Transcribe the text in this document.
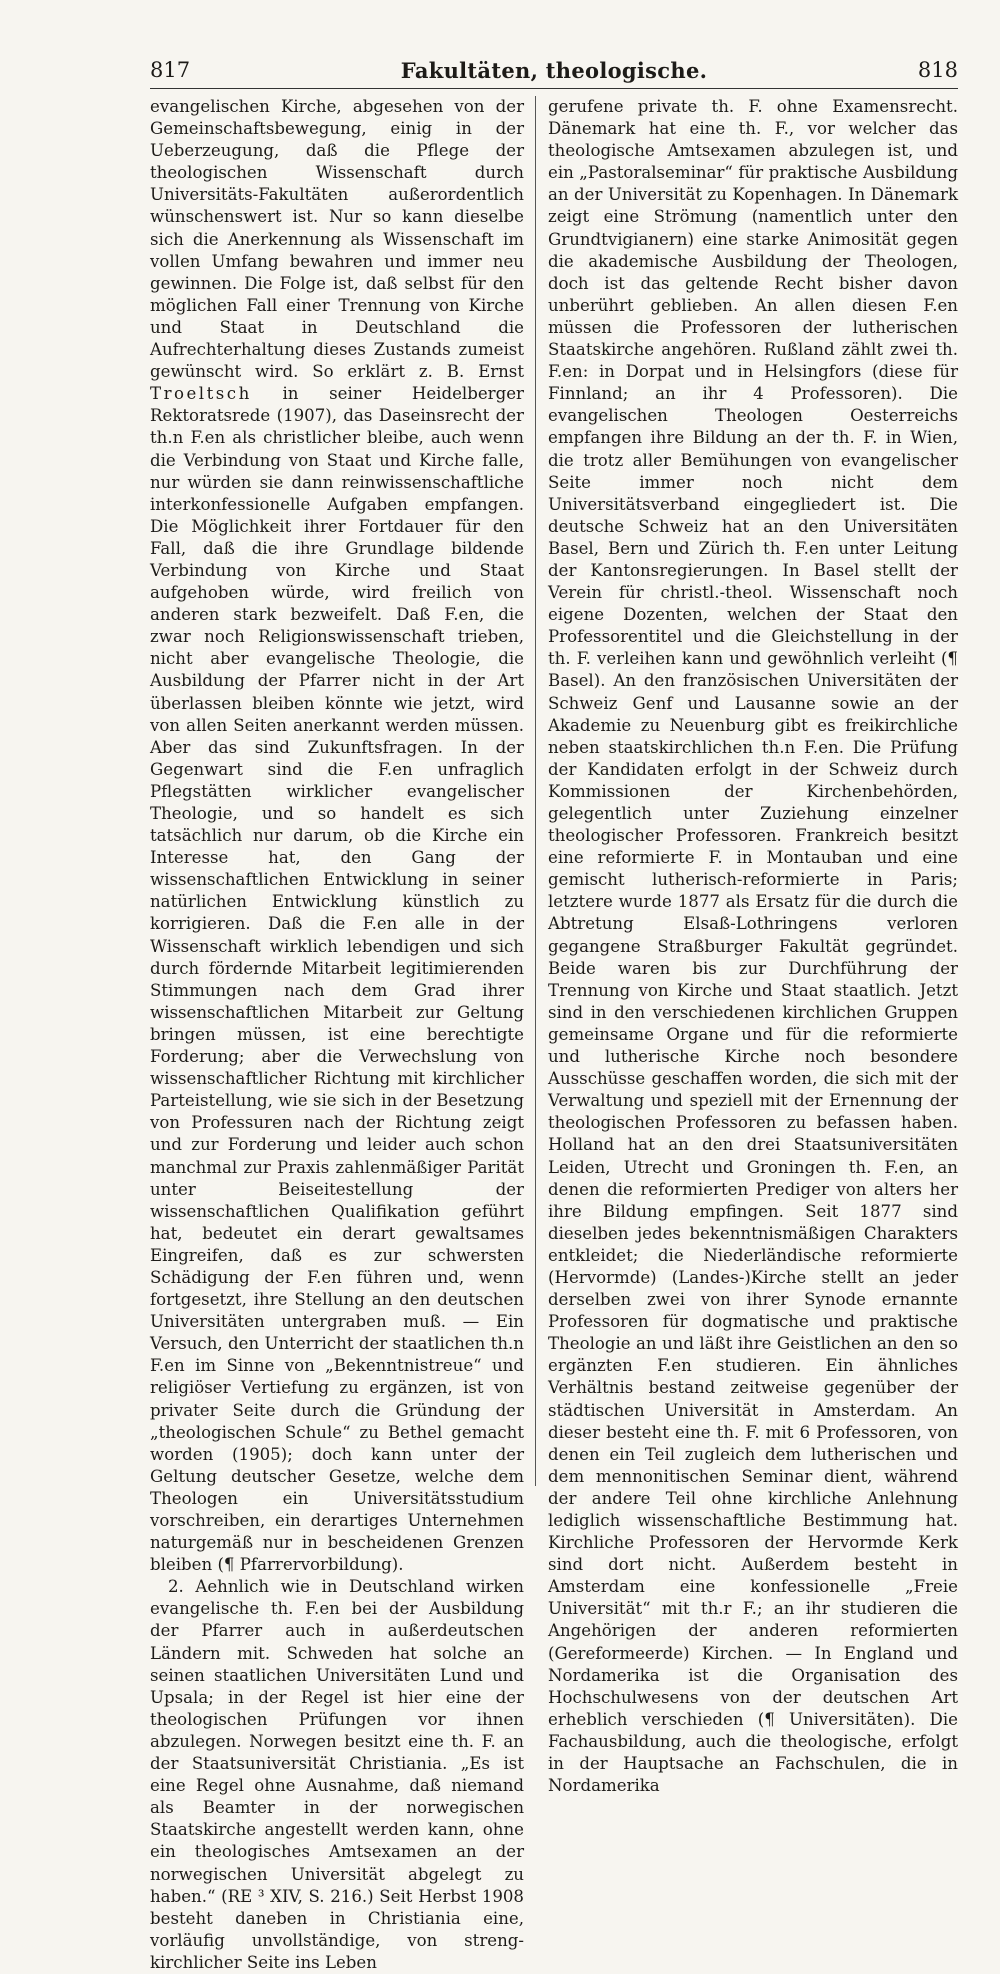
817	Fakultäten, theologische.	818

evangelischen Kirche, abgesehen von der Gemeinschaftsbewegung, einig in der Ueberzeugung, daß die Pflege der theologischen Wissenschaft durch Universitäts-Fakultäten außerordentlich wünschenswert ist. Nur so kann dieselbe sich die Anerkennung als Wissenschaft im vollen Umfang bewahren und immer neu gewinnen. Die Folge ist, daß selbst für den möglichen Fall einer Trennung von Kirche und Staat in Deutschland die Aufrechterhaltung dieses Zustands zumeist gewünscht wird. So erklärt z. B. Ernst Troeltsch in seiner Heidelberger Rektoratsrede (1907), das Daseinsrecht der th.n F.en als christlicher bleibe, auch wenn die Verbindung von Staat und Kirche falle, nur würden sie dann reinwissenschaftliche interkonfessionelle Aufgaben empfangen. Die Möglichkeit ihrer Fortdauer für den Fall, daß die ihre Grundlage bildende Verbindung von Kirche und Staat aufgehoben würde, wird freilich von anderen stark bezweifelt. Daß F.en, die zwar noch Religionswissenschaft trieben, nicht aber evangelische Theologie, die Ausbildung der Pfarrer nicht in der Art überlassen bleiben könnte wie jetzt, wird von allen Seiten anerkannt werden müssen. Aber das sind Zukunftsfragen. In der Gegenwart sind die F.en unfraglich Pflegstätten wirklicher evangelischer Theologie, und so handelt es sich tatsächlich nur darum, ob die Kirche ein Interesse hat, den Gang der wissenschaftlichen Entwicklung in seiner natürlichen Entwicklung künstlich zu korrigieren. Daß die F.en alle in der Wissenschaft wirklich lebendigen und sich durch fördernde Mitarbeit legitimierenden Stimmungen nach dem Grad ihrer wissenschaftlichen Mitarbeit zur Geltung bringen müssen, ist eine berechtigte Forderung; aber die Verwechslung von wissenschaftlicher Richtung mit kirchlicher Parteistellung, wie sie sich in der Besetzung von Professuren nach der Richtung zeigt und zur Forderung und leider auch schon manchmal zur Praxis zahlenmäßiger Parität unter Beiseitestellung der wissenschaftlichen Qualifikation geführt hat, bedeutet ein derart gewaltsames Eingreifen, daß es zur schwersten Schädigung der F.en führen und, wenn fortgesetzt, ihre Stellung an den deutschen Universitäten untergraben muß. — Ein Versuch, den Unterricht der staatlichen th.n F.en im Sinne von „Bekenntnistreue“ und religiöser Vertiefung zu ergänzen, ist von privater Seite durch die Gründung der „theologischen Schule“ zu Bethel gemacht worden (1905); doch kann unter der Geltung deutscher Gesetze, welche dem Theologen ein Universitätsstudium vorschreiben, ein derartiges Unternehmen naturgemäß nur in bescheidenen Grenzen bleiben (¶ Pfarrervorbildung).

2. Aehnlich wie in Deutschland wirken evangelische th. F.en bei der Ausbildung der Pfarrer auch in außerdeutschen Ländern mit. Schweden hat solche an seinen staatlichen Universitäten Lund und Upsala; in der Regel ist hier eine der theologischen Prüfungen vor ihnen abzulegen. Norwegen besitzt eine th. F. an der Staatsuniversität Christiania. „Es ist eine Regel ohne Ausnahme, daß niemand als Beamter in der norwegischen Staatskirche angestellt werden kann, ohne ein theologisches Amtsexamen an der norwegischen Universität abgelegt zu haben.“ (RE ³ XIV, S. 216.) Seit Herbst 1908 besteht daneben in Christiania eine, vorläufig unvollständige, von streng-kirchlicher Seite ins Leben

gerufene private th. F. ohne Examensrecht. Dänemark hat eine th. F., vor welcher das theologische Amtsexamen abzulegen ist, und ein „Pastoralseminar“ für praktische Ausbildung an der Universität zu Kopenhagen. In Dänemark zeigt eine Strömung (namentlich unter den Grundtvigianern) eine starke Animosität gegen die akademische Ausbildung der Theologen, doch ist das geltende Recht bisher davon unberührt geblieben. An allen diesen F.en müssen die Professoren der lutherischen Staatskirche angehören. Rußland zählt zwei th. F.en: in Dorpat und in Helsingfors (diese für Finnland; an ihr 4 Professoren). Die evangelischen Theologen Oesterreichs empfangen ihre Bildung an der th. F. in Wien, die trotz aller Bemühungen von evangelischer Seite immer noch nicht dem Universitätsverband eingegliedert ist. Die deutsche Schweiz hat an den Universitäten Basel, Bern und Zürich th. F.en unter Leitung der Kantonsregierungen. In Basel stellt der Verein für christl.-theol. Wissenschaft noch eigene Dozenten, welchen der Staat den Professorentitel und die Gleichstellung in der th. F. verleihen kann und gewöhnlich verleiht (¶ Basel). An den französischen Universitäten der Schweiz Genf und Lausanne sowie an der Akademie zu Neuenburg gibt es freikirchliche neben staatskirchlichen th.n F.en. Die Prüfung der Kandidaten erfolgt in der Schweiz durch Kommissionen der Kirchenbehörden, gelegentlich unter Zuziehung einzelner theologischer Professoren. Frankreich besitzt eine reformierte F. in Montauban und eine gemischt lutherisch-reformierte in Paris; letztere wurde 1877 als Ersatz für die durch die Abtretung Elsaß-Lothringens verloren gegangene Straßburger Fakultät gegründet. Beide waren bis zur Durchführung der Trennung von Kirche und Staat staatlich. Jetzt sind in den verschiedenen kirchlichen Gruppen gemeinsame Organe und für die reformierte und lutherische Kirche noch besondere Ausschüsse geschaffen worden, die sich mit der Verwaltung und speziell mit der Ernennung der theologischen Professoren zu befassen haben. Holland hat an den drei Staatsuniversitäten Leiden, Utrecht und Groningen th. F.en, an denen die reformierten Prediger von alters her ihre Bildung empfingen. Seit 1877 sind dieselben jedes bekenntnismäßigen Charakters entkleidet; die Niederländische reformierte (Hervormde) (Landes-)Kirche stellt an jeder derselben zwei von ihrer Synode ernannte Professoren für dogmatische und praktische Theologie an und läßt ihre Geistlichen an den so ergänzten F.en studieren. Ein ähnliches Verhältnis bestand zeitweise gegenüber der städtischen Universität in Amsterdam. An dieser besteht eine th. F. mit 6 Professoren, von denen ein Teil zugleich dem lutherischen und dem mennonitischen Seminar dient, während der andere Teil ohne kirchliche Anlehnung lediglich wissenschaftliche Bestimmung hat. Kirchliche Professoren der Hervormde Kerk sind dort nicht. Außerdem besteht in Amsterdam eine konfessionelle „Freie Universität“ mit th.r F.; an ihr studieren die Angehörigen der anderen reformierten (Gereformeerde) Kirchen. — In England und Nordamerika ist die Organisation des Hochschulwesens von der deutschen Art erheblich verschieden (¶ Universitäten). Die Fachausbildung, auch die theologische, erfolgt in der Hauptsache an Fachschulen, die in Nordamerika
